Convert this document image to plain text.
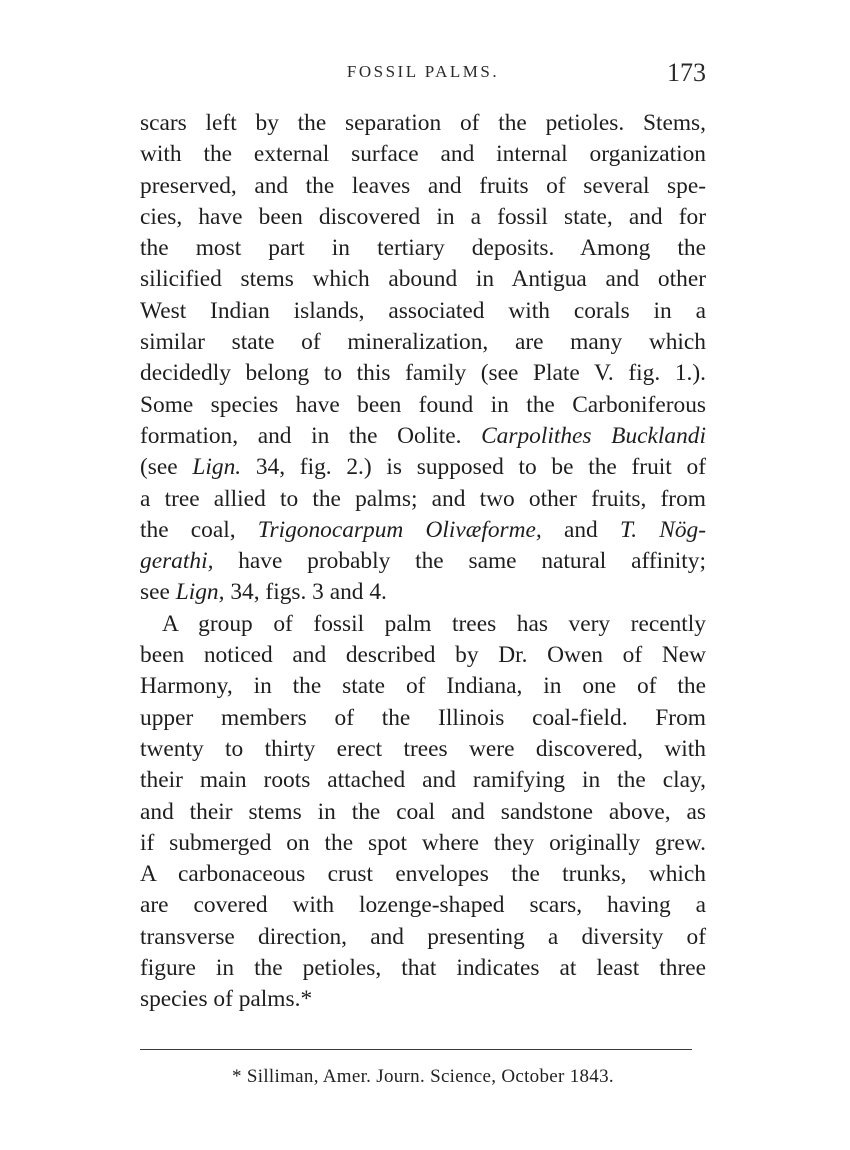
FOSSIL PALMS.	173
scars left by the separation of the petioles. Stems,
with the external surface and internal organization
preserved, and the leaves and fruits of several spe-
cies, have been discovered in a fossil state, and for
the most part in tertiary deposits. Among the
silicified stems which abound in Antigua and other
West Indian islands, associated with corals in a
similar state of mineralization, are many which
decidedly belong to this family (see Plate V. fig. 1.).
Some species have been found in the Carboniferous
formation, and in the Oolite. Carpolithes Bucklandi
(see Lign. 34, fig. 2.) is supposed to be the fruit of
a tree allied to the palms; and two other fruits, from
the coal, Trigonocarpum Olivæforme, and T. Nög-
gerathi, have probably the same natural affinity;
see Lign, 34, figs. 3 and 4.
A group of fossil palm trees has very recently
been noticed and described by Dr. Owen of New
Harmony, in the state of Indiana, in one of the
upper members of the Illinois coal-field. From
twenty to thirty erect trees were discovered, with
their main roots attached and ramifying in the clay,
and their stems in the coal and sandstone above, as
if submerged on the spot where they originally grew.
A carbonaceous crust envelopes the trunks, which
are covered with lozenge-shaped scars, having a
transverse direction, and presenting a diversity of
figure in the petioles, that indicates at least three
species of palms.*
* Silliman, Amer. Journ. Science, October 1843.
